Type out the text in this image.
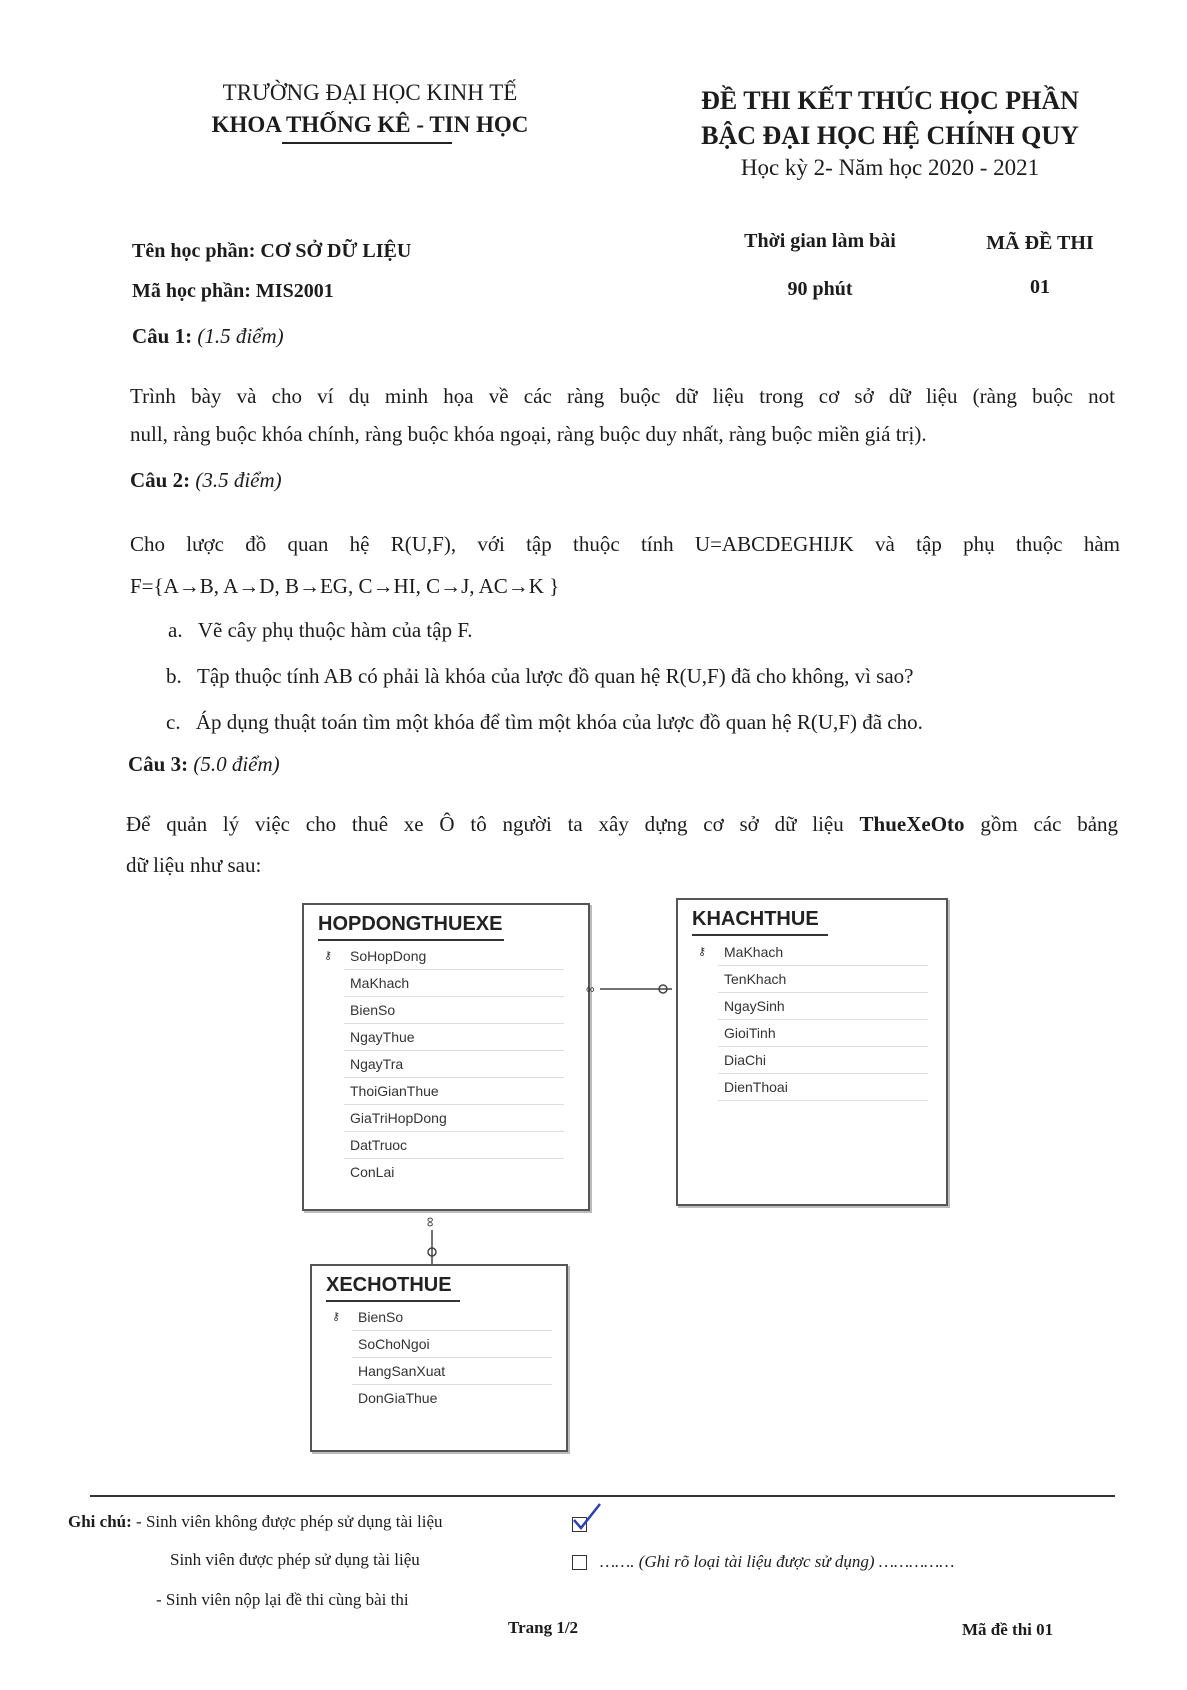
TRƯỜNG ĐẠI HỌC KINH TẾ
KHOA THỐNG KÊ - TIN HỌC
ĐỀ THI KẾT THÚC HỌC PHẦN
BẬC ĐẠI HỌC HỆ CHÍNH QUY
Học kỳ 2- Năm học 2020 - 2021
Tên học phần: CƠ SỞ DỮ LIỆU
Mã học phần: MIS2001
Thời gian làm bài
90 phút
MÃ ĐỀ THI
01
Câu 1: (1.5 điểm)
Trình bày và cho ví dụ minh họa về các ràng buộc dữ liệu trong cơ sở dữ liệu (ràng buộc not
null, ràng buộc khóa chính, ràng buộc khóa ngoại, ràng buộc duy nhất, ràng buộc miền giá trị).
Câu 2: (3.5 điểm)
Cho lược đồ quan hệ R(U,F), với tập thuộc tính U=ABCDEGHIJK và tập phụ thuộc hàm
F={A→B, A→D, B→EG, C→HI, C→J, AC→K }
a. Vẽ cây phụ thuộc hàm của tập F.
b. Tập thuộc tính AB có phải là khóa của lược đồ quan hệ R(U,F) đã cho không, vì sao?
c. Áp dụng thuật toán tìm một khóa để tìm một khóa của lược đồ quan hệ R(U,F) đã cho.
Câu 3: (5.0 điểm)
Để quản lý việc cho thuê xe Ô tô người ta xây dựng cơ sở dữ liệu ThueXeOto gồm các bảng
dữ liệu như sau:
HOPDONGTHUEXE
⚷ SoHopDong
MaKhach
BienSo
NgayThue
NgayTra
ThoiGianThue
GiaTriHopDong
DatTruoc
ConLai
KHACHTHUE
⚷ MaKhach
TenKhach
NgaySinh
GioiTinh
DiaChi
DienThoai
XECHOTHUE
⚷ BienSo
SoChoNgoi
HangSanXuat
DonGiaThue
∞
∞
Ghi chú: - Sinh viên không được phép sử dụng tài liệu
Sinh viên được phép sử dụng tài liệu	……. (Ghi rõ loại tài liệu được sử dụng) ……………
- Sinh viên nộp lại đề thi cùng bài thi
Trang 1/2	Mã đề thi 01
